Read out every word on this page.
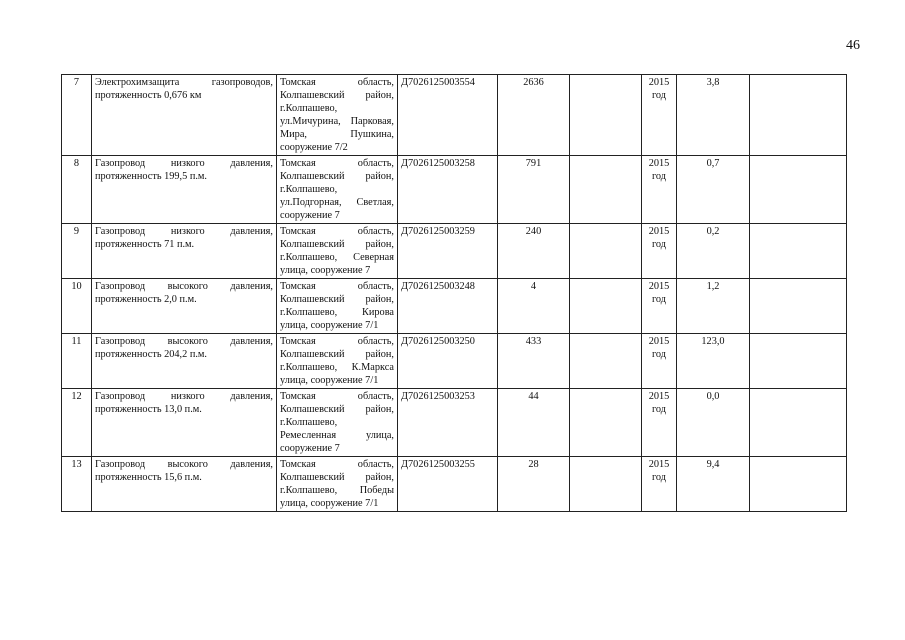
46
7	Электрохимзащита газопроводов, протяженность 0,676 км	Томская область, Колпашевский район, г.Колпашево, ул.Мичурина, Парковая, Мира, Пушкина, сооружение 7/2	Д7026125003554	2636		2015 год	3,8	
8	Газопровод низкого давления, протяженность 199,5 п.м.	Томская область, Колпашевский район, г.Колпашево, ул.Подгорная, Светлая, сооружение 7	Д7026125003258	791		2015 год	0,7	
9	Газопровод низкого давления, протяженность 71 п.м.	Томская область, Колпашевский район, г.Колпашево, Северная улица, сооружение 7	Д7026125003259	240		2015 год	0,2	
10	Газопровод высокого давления, протяженность 2,0 п.м.	Томская область, Колпашевский район, г.Колпашево, Кирова улица, сооружение 7/1	Д7026125003248	4		2015 год	1,2	
11	Газопровод высокого давления, протяженность 204,2 п.м.	Томская область, Колпашевский район, г.Колпашево, К.Маркса улица, сооружение 7/1	Д7026125003250	433		2015 год	123,0	
12	Газопровод низкого давления, протяженность 13,0 п.м.	Томская область, Колпашевский район, г.Колпашево, Ремесленная улица, сооружение 7	Д7026125003253	44		2015 год	0,0	
13	Газопровод высокого давления, протяженность 15,6 п.м.	Томская область, Колпашевский район, г.Колпашево, Победы улица, сооружение 7/1	Д7026125003255	28		2015 год	9,4	
